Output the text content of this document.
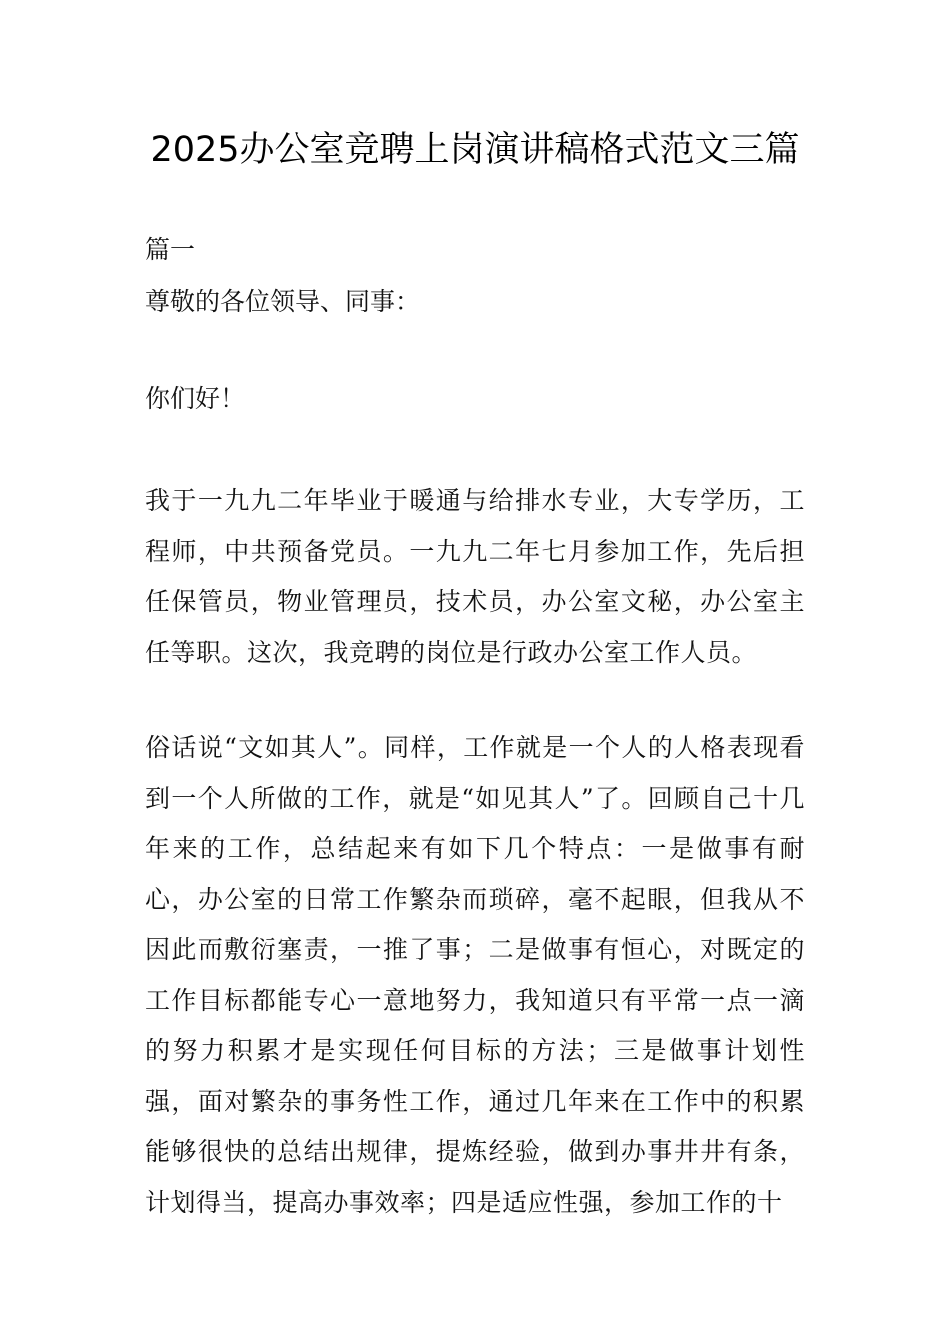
2025办公室竞聘上岗演讲稿格式范文三篇

篇一

尊敬的各位领导、同事：

你们好！

我于一九九二年毕业于暖通与给排水专业，大专学历，工程师，中共预备党员。一九九二年七月参加工作，先后担任保管员，物业管理员，技术员，办公室文秘，办公室主任等职。这次，我竞聘的岗位是行政办公室工作人员。

俗话说“文如其人”。同样，工作就是一个人的人格表现看到一个人所做的工作，就是“如见其人”了。回顾自己十几年来的工作，总结起来有如下几个特点：一是做事有耐心，办公室的日常工作繁杂而琐碎，毫不起眼，但我从不因此而敷衍塞责，一推了事；二是做事有恒心，对既定的工作目标都能专心一意地努力，我知道只有平常一点一滴的努力积累才是实现任何目标的方法；三是做事计划性强，面对繁杂的事务性工作，通过几年来在工作中的积累能够很快的总结出规律，提炼经验，做到办事井井有条，计划得当，提高办事效率；四是适应性强，参加工作的十
